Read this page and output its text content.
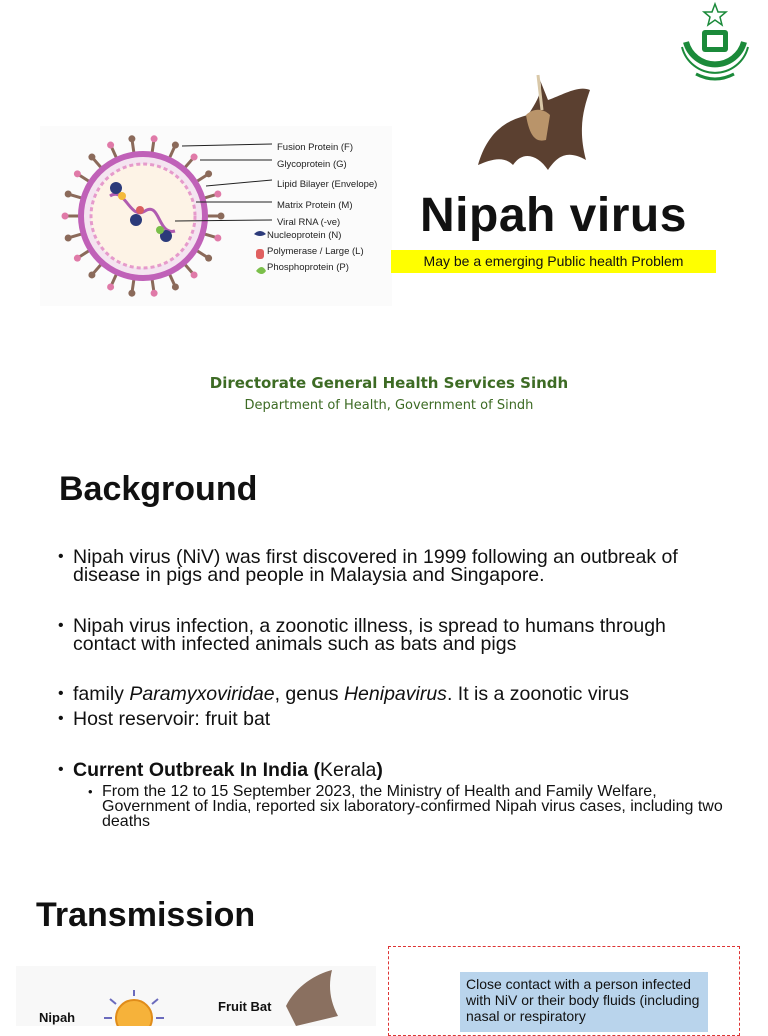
Fusion Protein (F)
Glycoprotein (G)
Lipid Bilayer (Envelope)
Matrix Protein (M)
Viral RNA (-ve)
Nucleoprotein (N)
Polymerase / Large (L)
Phosphoprotein (P)
Nipah virus
May be a emerging Public health Problem
Directorate General Health Services Sindh
Department of Health, Government of Sindh
Background
• Nipah virus (NiV) was first discovered in 1999 following an outbreak of disease in pigs and people in Malaysia and Singapore.
• Nipah virus infection, a zoonotic illness, is spread to humans through contact with infected animals such as bats and pigs
• family Paramyxoviridae, genus Henipavirus. It is a zoonotic virus
• Host reservoir: fruit bat
• Current Outbreak In India (Kerala)
• From the 12 to 15 September 2023, the Ministry of Health and Family Welfare, Government of India, reported six laboratory-confirmed Nipah virus cases, including two deaths
Transmission
Nipah
Fruit Bat
Close contact with a person infected with NiV or their body fluids (including nasal or respiratory
